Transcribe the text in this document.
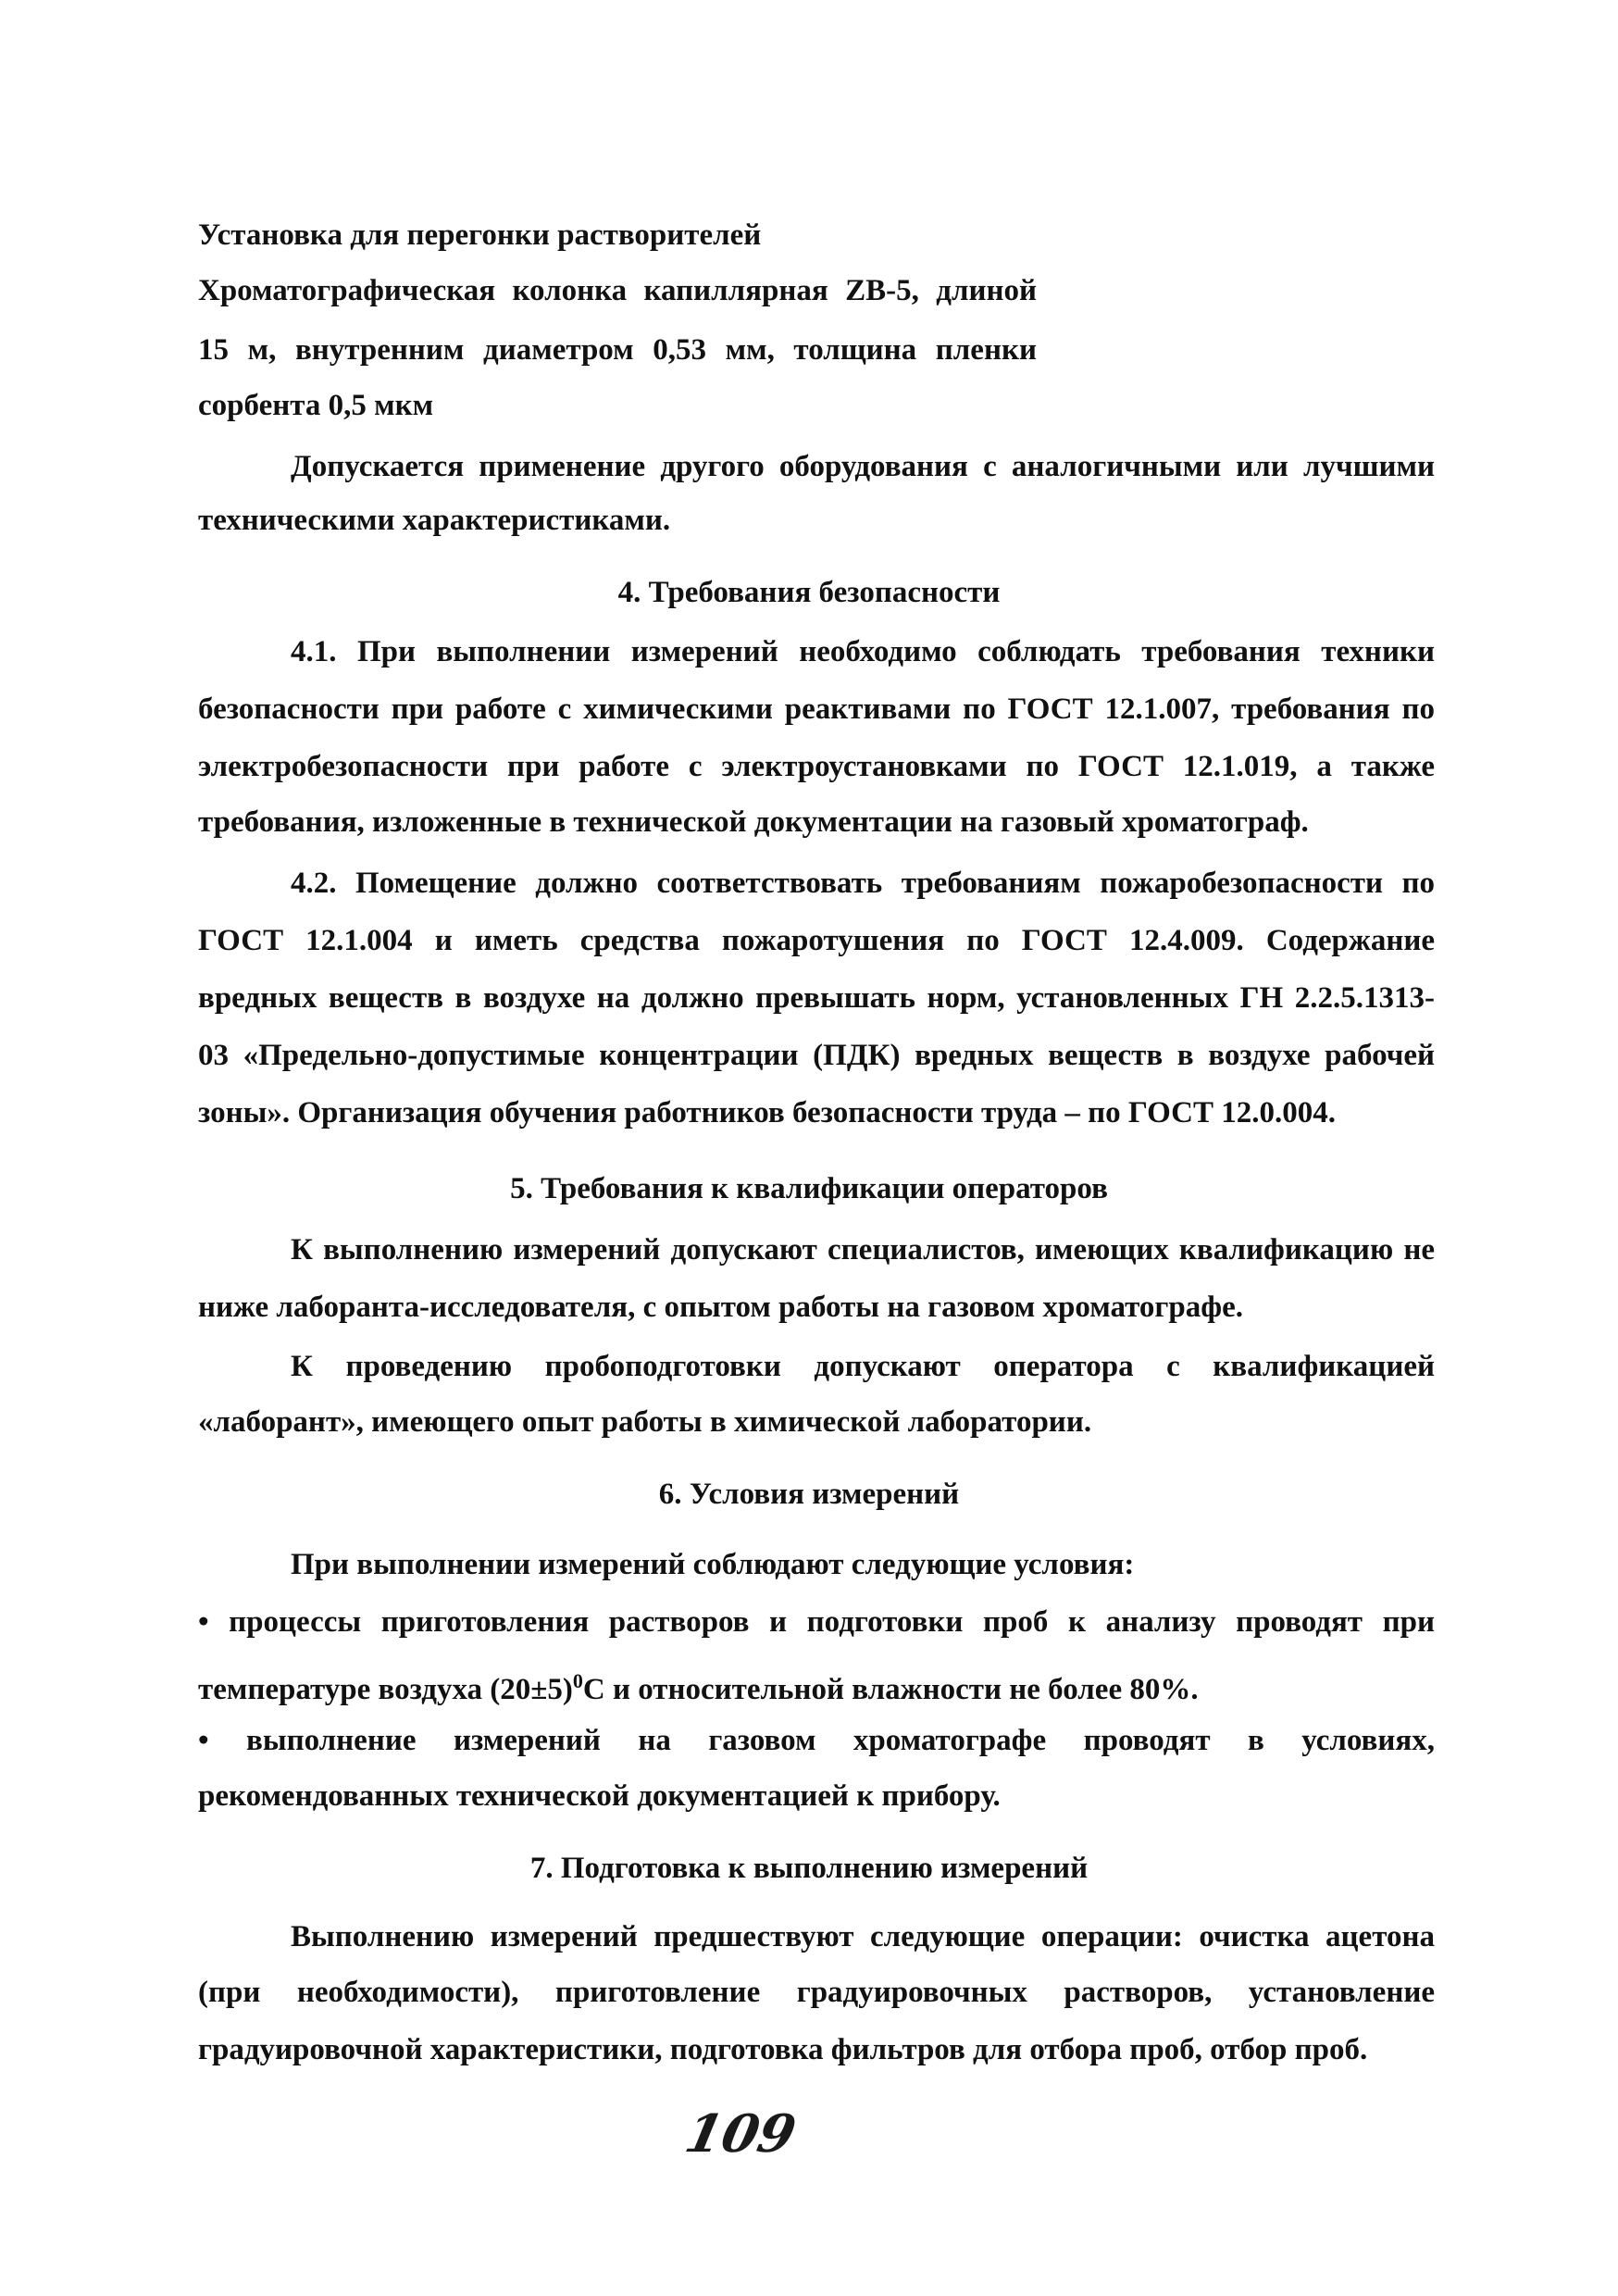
Установка для перегонки растворителей

Хроматографическая колонка капиллярная ZB-5, длиной

15 м, внутренним диаметром 0,53 мм, толщина пленки

сорбента 0,5 мкм

Допускается применение другого оборудования с аналогичными или лучшими

техническими характеристиками.

4. Требования безопасности

4.1. При выполнении измерений необходимо соблюдать требования техники

безопасности при работе с химическими реактивами по ГОСТ 12.1.007, требования по

электробезопасности при работе с электроустановками по ГОСТ 12.1.019, а также

требования, изложенные в технической документации на газовый хроматограф.

4.2. Помещение должно соответствовать требованиям пожаробезопасности по

ГОСТ 12.1.004 и иметь средства пожаротушения по ГОСТ 12.4.009. Содержание

вредных веществ в воздухе на должно превышать норм, установленных ГН 2.2.5.1313-

03 «Предельно-допустимые концентрации (ПДК) вредных веществ в воздухе рабочей

зоны». Организация обучения работников безопасности труда – по ГОСТ 12.0.004.

5. Требования к квалификации операторов

К выполнению измерений допускают специалистов, имеющих квалификацию не

ниже лаборанта-исследователя, с опытом работы на газовом хроматографе.

К проведению пробоподготовки допускают оператора с квалификацией

«лаборант», имеющего опыт работы в химической лаборатории.

6. Условия измерений

При выполнении измерений соблюдают следующие условия:

• процессы приготовления растворов и подготовки проб к анализу проводят при

температуре воздуха $(20\pm 5)^0С$ и относительной влажности не более 80%.

• выполнение измерений на газовом хроматографе проводят в условиях,

рекомендованных технической документацией к прибору.

7. Подготовка к выполнению измерений

Выполнению измерений предшествуют следующие операции: очистка ацетона

(при необходимости), приготовление градуировочных растворов, установление

градуировочной характеристики, подготовка фильтров для отбора проб, отбор проб.

109
